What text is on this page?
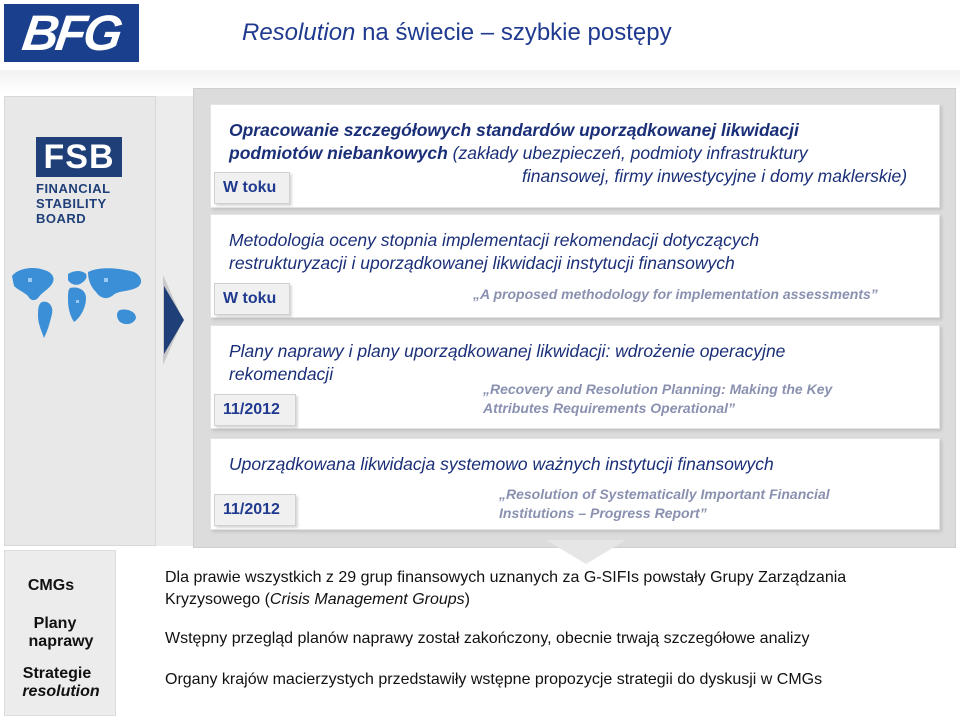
BFG	Resolution na świecie – szybkie postępy
FSB
FINANCIAL
STABILITY
BOARD
Opracowanie szczegółowych standardów uporządkowanej likwidacji
podmiotów niebankowych (zakłady ubezpieczeń, podmioty infrastruktury
finansowej, firmy inwestycyjne i domy maklerskie)
W toku
Metodologia oceny stopnia implementacji rekomendacji dotyczących
restrukturyzacji i uporządkowanej likwidacji instytucji finansowych
„A proposed methodology for implementation assessments”
W toku
Plany naprawy i plany uporządkowanej likwidacji: wdrożenie operacyjne
rekomendacji
„Recovery and Resolution Planning: Making the Key
Attributes Requirements Operational”
11/2012
Uporządkowana likwidacja systemowo ważnych instytucji finansowych
„Resolution of Systematically Important Financial
Institutions – Progress Report”
11/2012
CMGs
Plany
naprawy
Strategie
resolution
Dla prawie wszystkich z 29 grup finansowych uznanych za G-SIFIs powstały Grupy Zarządzania
Kryzysowego (Crisis Management Groups)
Wstępny przegląd planów naprawy został zakończony, obecnie trwają szczegółowe analizy
Organy krajów macierzystych przedstawiły wstępne propozycje strategii do dyskusji w CMGs
